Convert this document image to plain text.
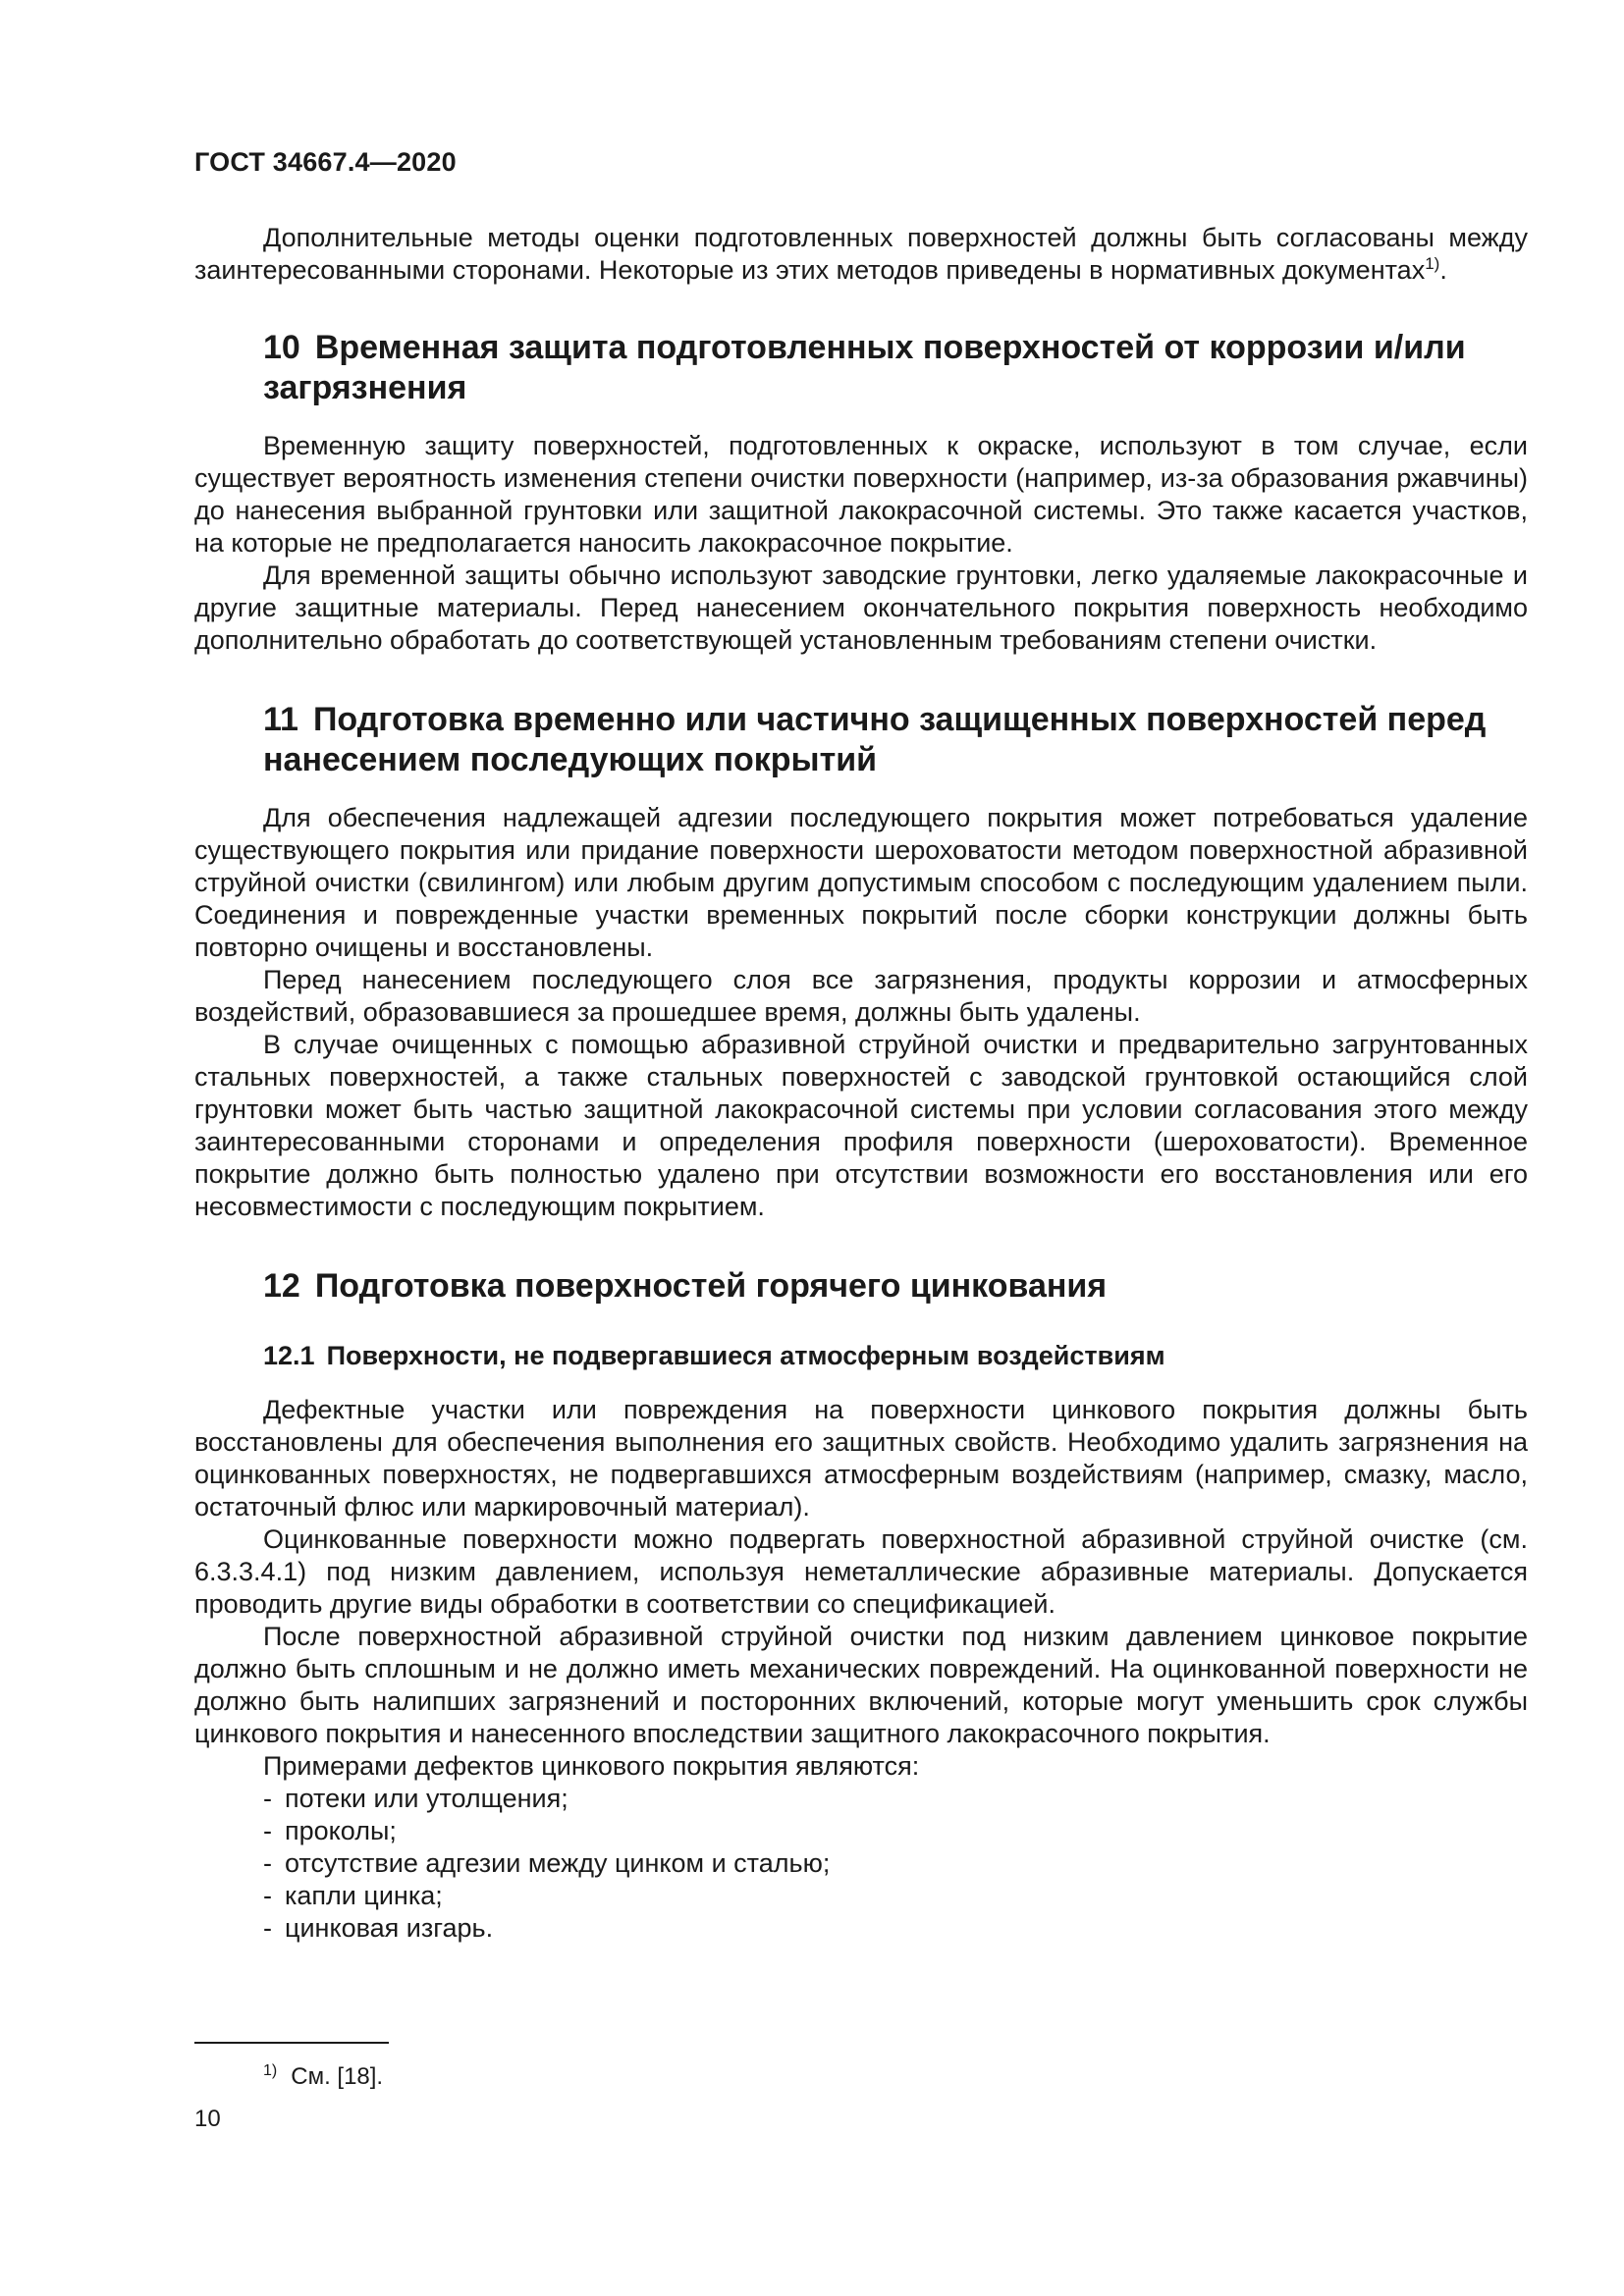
ГОСТ 34667.4—2020

Дополнительные методы оценки подготовленных поверхностей должны быть согласованы между заинтересованными сторонами. Некоторые из этих методов приведены в нормативных документах$^{1)}$.

10 Временная защита подготовленных поверхностей от коррозии и/или загрязнения

Временную защиту поверхностей, подготовленных к окраске, используют в том случае, если существует вероятность изменения степени очистки поверхности (например, из-за образования ржавчины) до нанесения выбранной грунтовки или защитной лакокрасочной системы. Это также касается участков, на которые не предполагается наносить лакокрасочное покрытие.

Для временной защиты обычно используют заводские грунтовки, легко удаляемые лакокрасочные и другие защитные материалы. Перед нанесением окончательного покрытия поверхность необходимо дополнительно обработать до соответствующей установленным требованиям степени очистки.

11 Подготовка временно или частично защищенных поверхностей перед нанесением последующих покрытий

Для обеспечения надлежащей адгезии последующего покрытия может потребоваться удаление существующего покрытия или придание поверхности шероховатости методом поверхностной абразивной струйной очистки (свилингом) или любым другим допустимым способом с последующим удалением пыли. Соединения и поврежденные участки временных покрытий после сборки конструкции должны быть повторно очищены и восстановлены.

Перед нанесением последующего слоя все загрязнения, продукты коррозии и атмосферных воздействий, образовавшиеся за прошедшее время, должны быть удалены.

В случае очищенных с помощью абразивной струйной очистки и предварительно загрунтованных стальных поверхностей, а также стальных поверхностей с заводской грунтовкой остающийся слой грунтовки может быть частью защитной лакокрасочной системы при условии согласования этого между заинтересованными сторонами и определения профиля поверхности (шероховатости). Временное покрытие должно быть полностью удалено при отсутствии возможности его восстановления или его несовместимости с последующим покрытием.

12 Подготовка поверхностей горячего цинкования
12.1 Поверхности, не подвергавшиеся атмосферным воздействиям

Дефектные участки или повреждения на поверхности цинкового покрытия должны быть восстановлены для обеспечения выполнения его защитных свойств. Необходимо удалить загрязнения на оцинкованных поверхностях, не подвергавшихся атмосферным воздействиям (например, смазку, масло, остаточный флюс или маркировочный материал).

Оцинкованные поверхности можно подвергать поверхностной абразивной струйной очистке (см. 6.3.3.4.1) под низким давлением, используя неметаллические абразивные материалы. Допускается проводить другие виды обработки в соответствии со спецификацией.

После поверхностной абразивной струйной очистки под низким давлением цинковое покрытие должно быть сплошным и не должно иметь механических повреждений. На оцинкованной поверхности не должно быть налипших загрязнений и посторонних включений, которые могут уменьшить срок службы цинкового покрытия и нанесенного впоследствии защитного лакокрасочного покрытия.

Примерами дефектов цинкового покрытия являются:

- потеки или утолщения;
- проколы;
- отсутствие адгезии между цинком и сталью;
- капли цинка;
- цинковая изгарь.
$^{1)}$ См. [18].
10
